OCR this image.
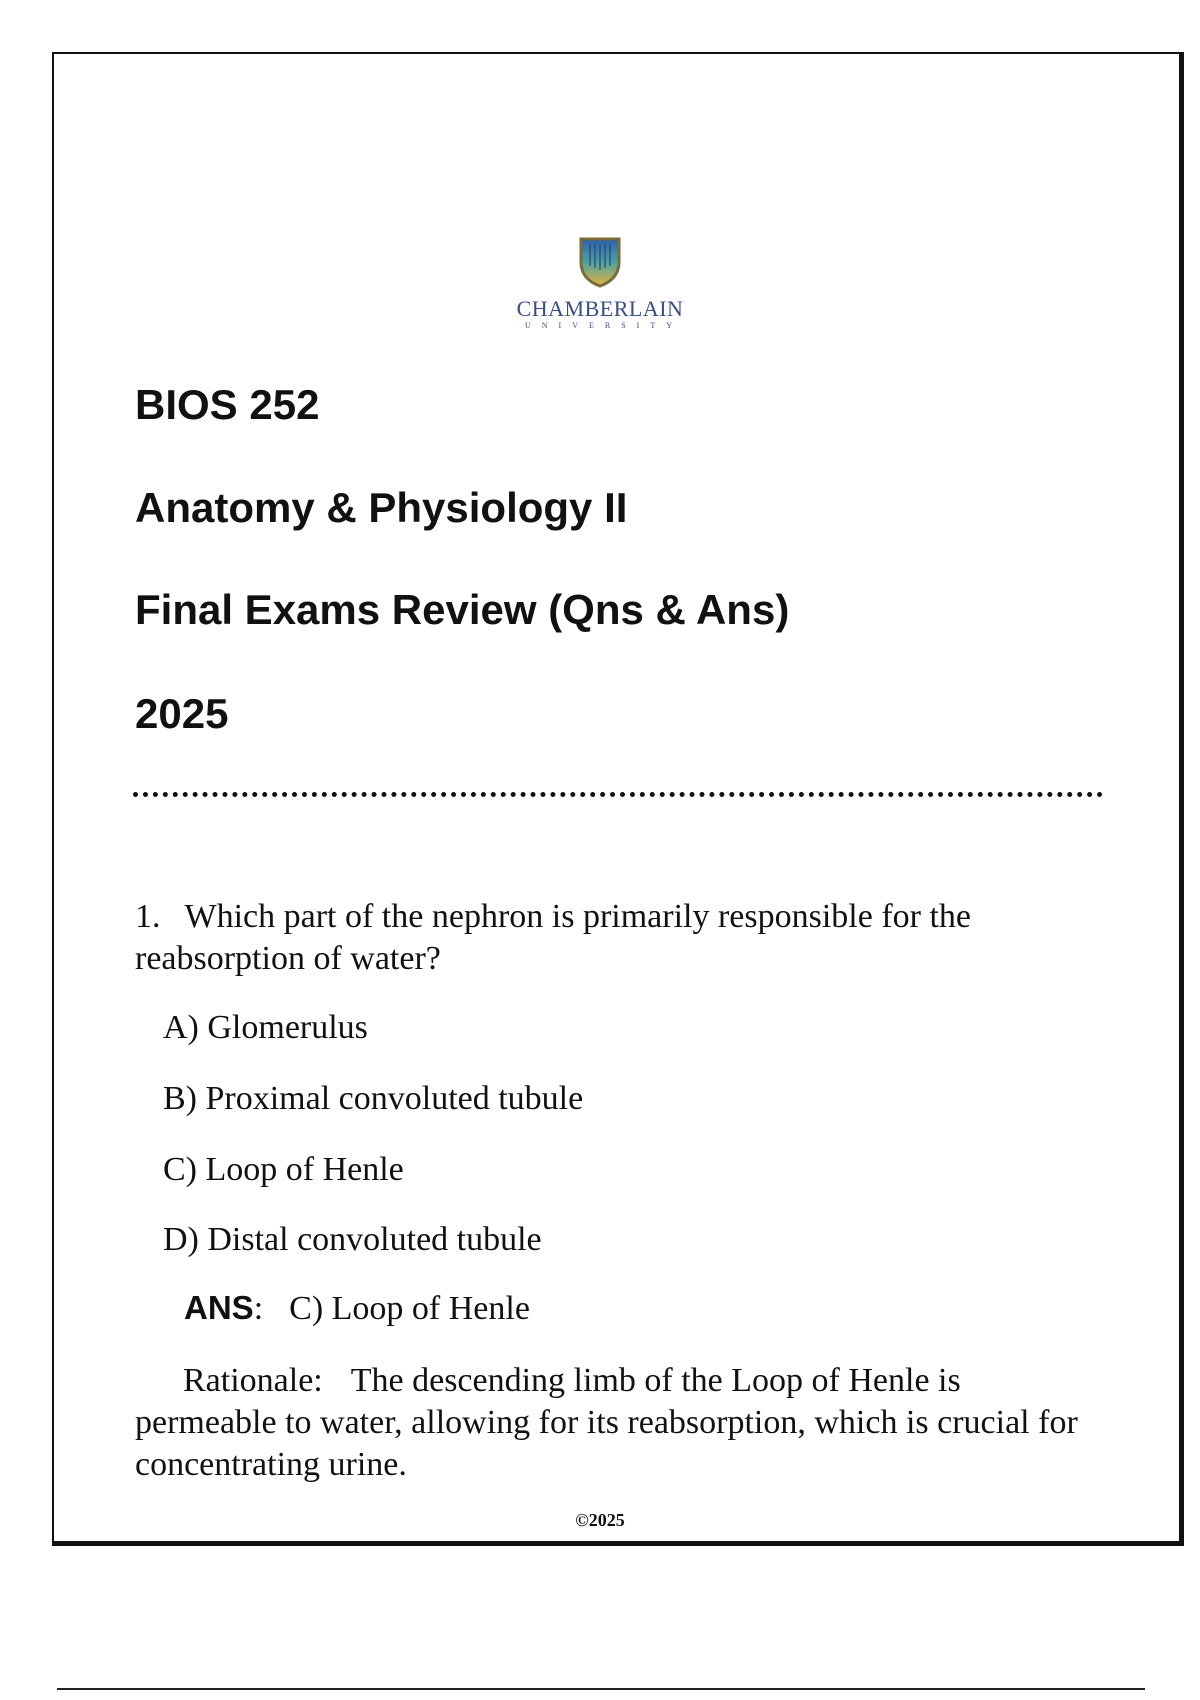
CHAMBERLAIN
UNIVERSITY
BIOS 252
Anatomy & Physiology II
Final Exams Review (Qns & Ans)
2025
1. Which part of the nephron is primarily responsible for the reabsorption of water?
A) Glomerulus
B) Proximal convoluted tubule
C) Loop of Henle
D) Distal convoluted tubule
ANS: C) Loop of Henle
Rationale: The descending limb of the Loop of Henle is permeable to water, allowing for its reabsorption, which is crucial for concentrating urine.
©2025
